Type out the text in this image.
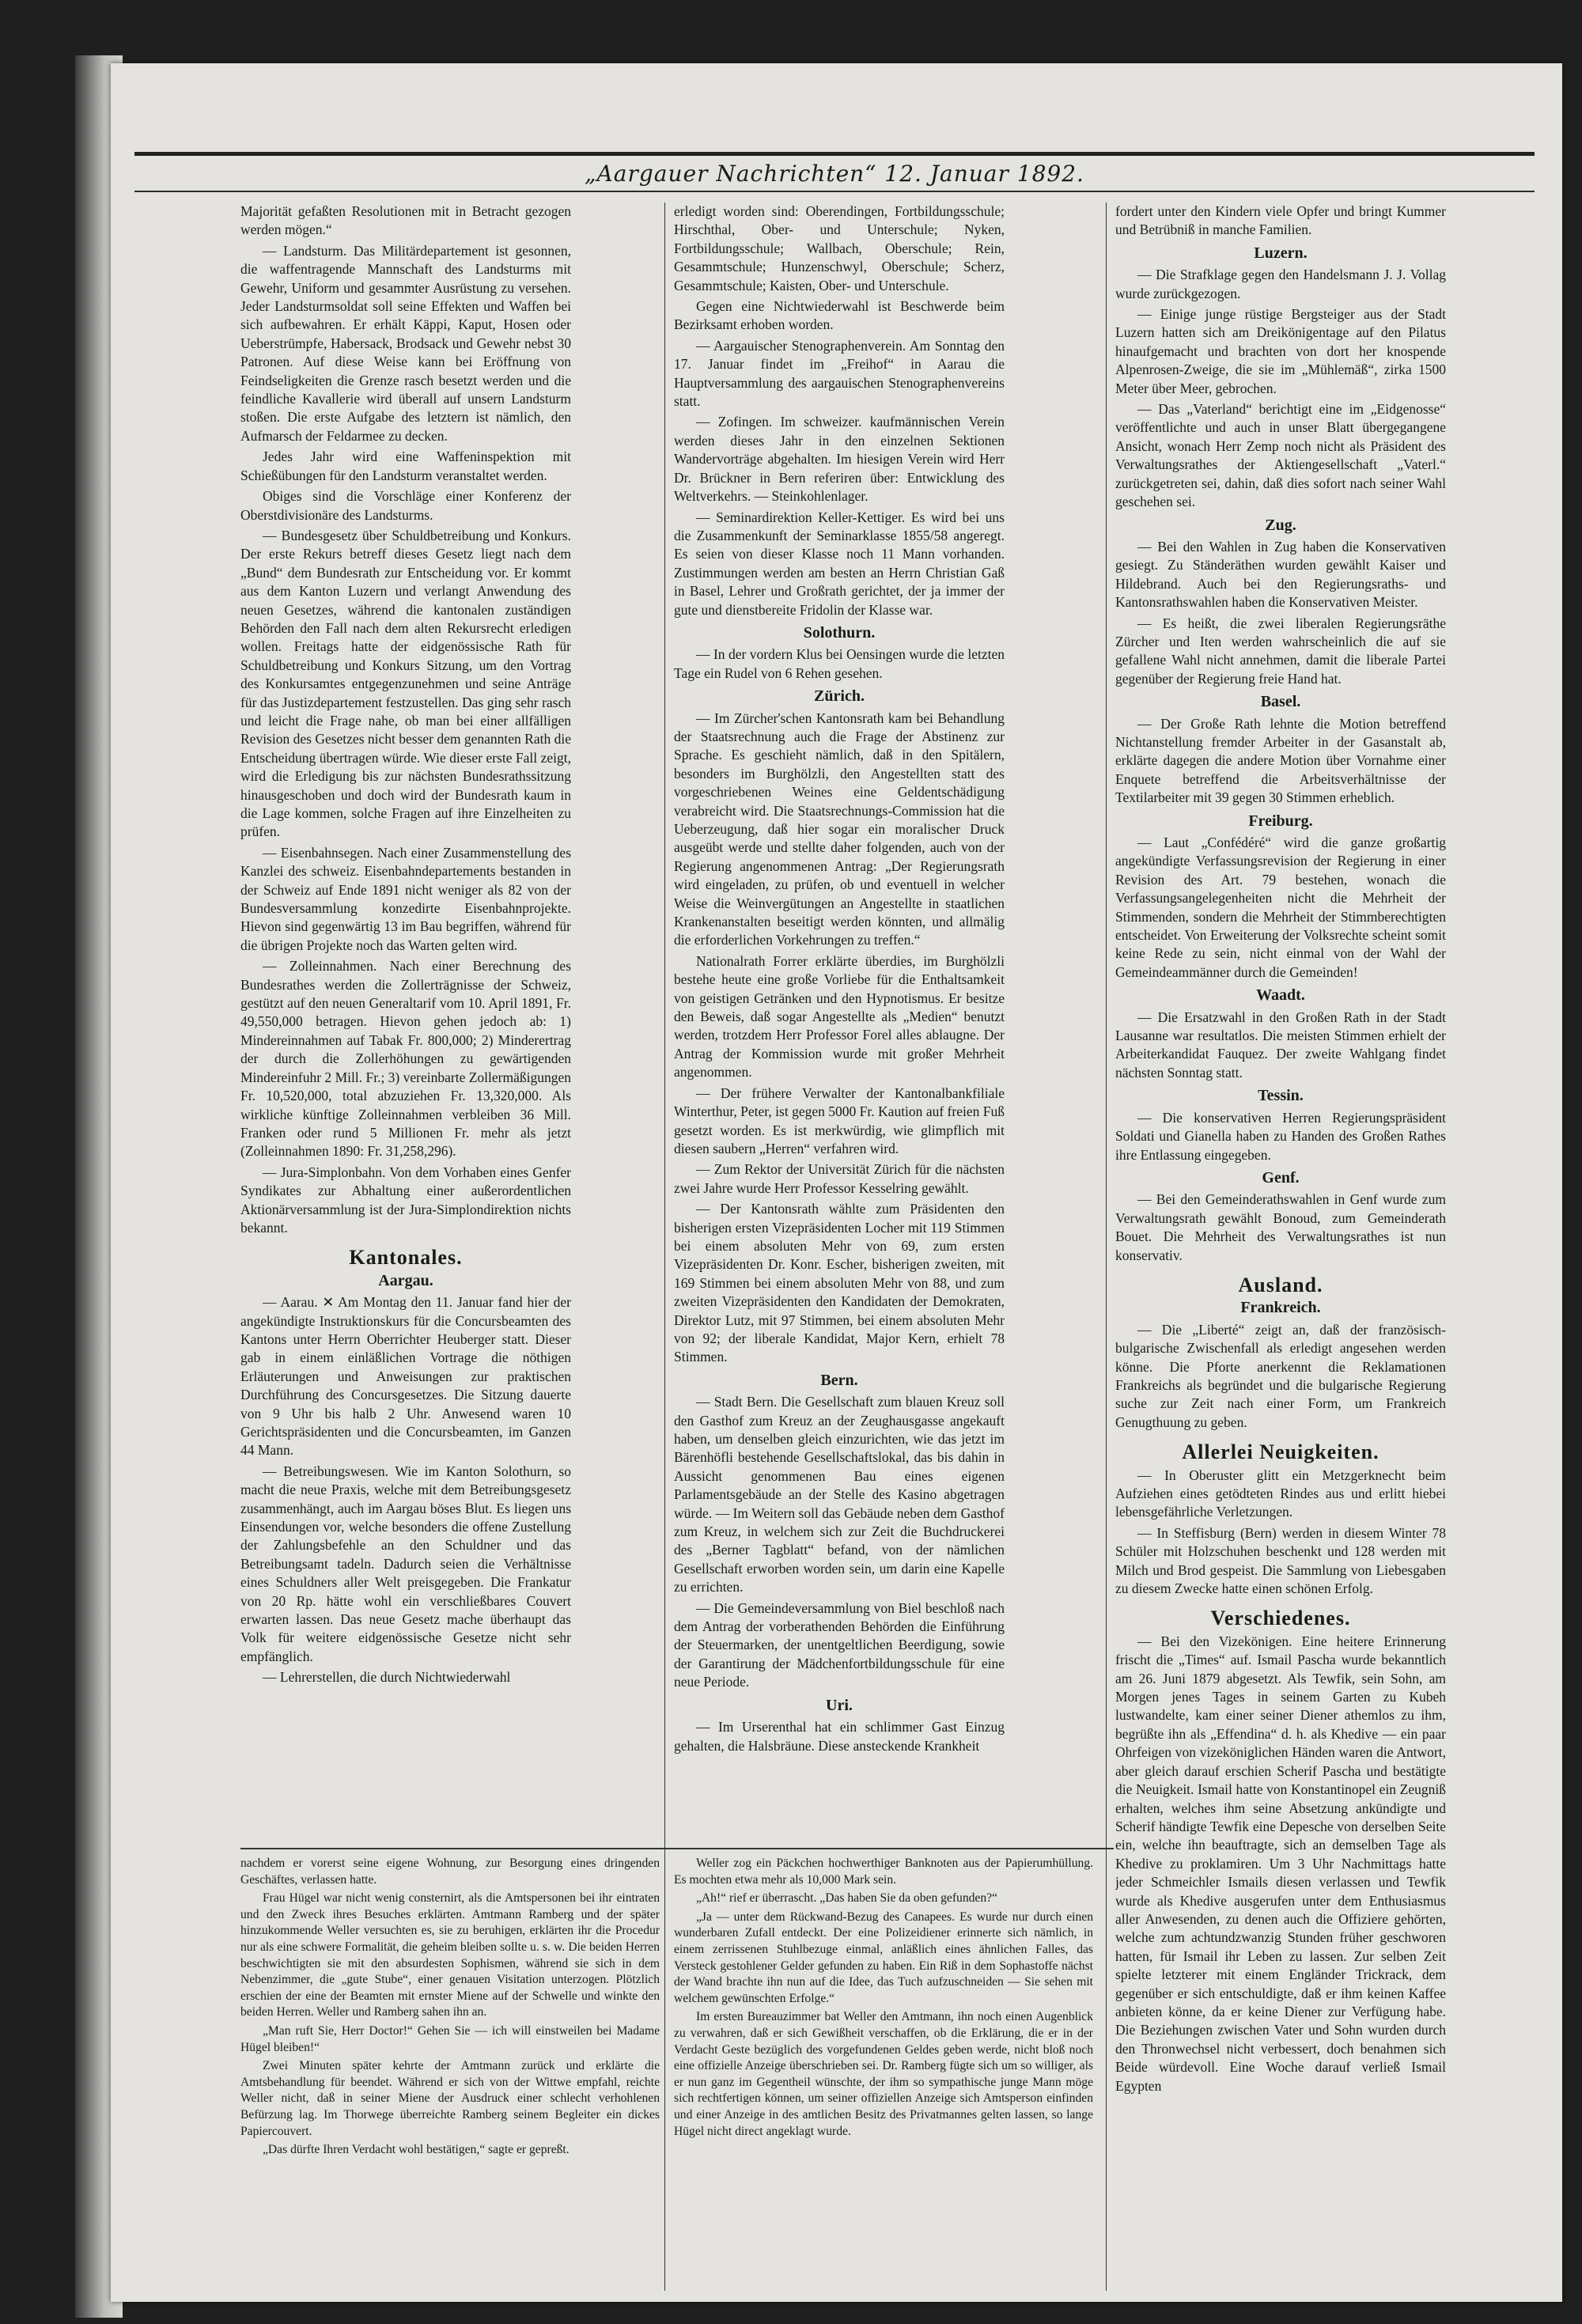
„Aargauer Nachrichten“ 12. Januar 1892.

Majorität gefaßten Resolutionen mit in Betracht gezogen werden mögen.“

— Landsturm. Das Militärdepartement ist gesonnen, die waffentragende Mannschaft des Landsturms mit Gewehr, Uniform und gesammter Ausrüstung zu versehen. Jeder Landsturmsoldat soll seine Effekten und Waffen bei sich aufbewahren. Er erhält Käppi, Kaput, Hosen oder Ueberstrümpfe, Habersack, Brodsack und Gewehr nebst 30 Patronen. Auf diese Weise kann bei Eröffnung von Feindseligkeiten die Grenze rasch besetzt werden und die feindliche Kavallerie wird überall auf unsern Landsturm stoßen. Die erste Aufgabe des letztern ist nämlich, den Aufmarsch der Feldarmee zu decken.

Jedes Jahr wird eine Waffeninspektion mit Schießübungen für den Landsturm veranstaltet werden.

Obiges sind die Vorschläge einer Konferenz der Oberstdivisionäre des Landsturms.

— Bundesgesetz über Schuldbetreibung und Konkurs. Der erste Rekurs betreff dieses Gesetz liegt nach dem „Bund“ dem Bundesrath zur Entscheidung vor. Er kommt aus dem Kanton Luzern und verlangt Anwendung des neuen Gesetzes, während die kantonalen zuständigen Behörden den Fall nach dem alten Rekursrecht erledigen wollen. Freitags hatte der eidgenössische Rath für Schuldbetreibung und Konkurs Sitzung, um den Vortrag des Konkursamtes entgegenzunehmen und seine Anträge für das Justizdepartement festzustellen. Das ging sehr rasch und leicht die Frage nahe, ob man bei einer allfälligen Revision des Gesetzes nicht besser dem genannten Rath die Entscheidung übertragen würde. Wie dieser erste Fall zeigt, wird die Erledigung bis zur nächsten Bundesrathssitzung hinausgeschoben und doch wird der Bundesrath kaum in die Lage kommen, solche Fragen auf ihre Einzelheiten zu prüfen.

— Eisenbahnsegen. Nach einer Zusammenstellung des Kanzlei des schweiz. Eisenbahndepartements bestanden in der Schweiz auf Ende 1891 nicht weniger als 82 von der Bundesversammlung konzedirte Eisenbahnprojekte. Hievon sind gegenwärtig 13 im Bau begriffen, während für die übrigen Projekte noch das Warten gelten wird.

— Zolleinnahmen. Nach einer Berechnung des Bundesrathes werden die Zollerträgnisse der Schweiz, gestützt auf den neuen Generaltarif vom 10. April 1891, Fr. 49,550,000 betragen. Hievon gehen jedoch ab: 1) Mindereinnahmen auf Tabak Fr. 800,000; 2) Minderertrag der durch die Zollerhöhungen zu gewärtigenden Mindereinfuhr 2 Mill. Fr.; 3) vereinbarte Zollermäßigungen Fr. 10,520,000, total abzuziehen Fr. 13,320,000. Als wirkliche künftige Zolleinnahmen verbleiben 36 Mill. Franken oder rund 5 Millionen Fr. mehr als jetzt (Zolleinnahmen 1890: Fr. 31,258,296).

— Jura-Simplonbahn. Von dem Vorhaben eines Genfer Syndikates zur Abhaltung einer außerordentlichen Aktionärversammlung ist der Jura-Simplondirektion nichts bekannt.

Kantonales.
Aargau.

— Aarau. ✕ Am Montag den 11. Januar fand hier der angekündigte Instruktionskurs für die Concursbeamten des Kantons unter Herrn Oberrichter Heuberger statt. Dieser gab in einem einläßlichen Vortrage die nöthigen Erläuterungen und Anweisungen zur praktischen Durchführung des Concursgesetzes. Die Sitzung dauerte von 9 Uhr bis halb 2 Uhr. Anwesend waren 10 Gerichtspräsidenten und die Concursbeamten, im Ganzen 44 Mann.

— Betreibungswesen. Wie im Kanton Solothurn, so macht die neue Praxis, welche mit dem Betreibungsgesetz zusammenhängt, auch im Aargau böses Blut. Es liegen uns Einsendungen vor, welche besonders die offene Zustellung der Zahlungsbefehle an den Schuldner und das Betreibungsamt tadeln. Dadurch seien die Verhältnisse eines Schuldners aller Welt preisgegeben. Die Frankatur von 20 Rp. hätte wohl ein verschließbares Couvert erwarten lassen. Das neue Gesetz mache überhaupt das Volk für weitere eidgenössische Gesetze nicht sehr empfänglich.

— Lehrerstellen, die durch Nichtwiederwahl

erledigt worden sind: Oberendingen, Fortbildungsschule; Hirschthal, Ober- und Unterschule; Nyken, Fortbildungsschule; Wallbach, Oberschule; Rein, Gesammtschule; Hunzenschwyl, Oberschule; Scherz, Gesammtschule; Kaisten, Ober- und Unterschule.

Gegen eine Nichtwiederwahl ist Beschwerde beim Bezirksamt erhoben worden.

— Aargauischer Stenographenverein. Am Sonntag den 17. Januar findet im „Freihof“ in Aarau die Hauptversammlung des aargauischen Stenographenvereins statt.

— Zofingen. Im schweizer. kaufmännischen Verein werden dieses Jahr in den einzelnen Sektionen Wandervorträge abgehalten. Im hiesigen Verein wird Herr Dr. Brückner in Bern referiren über: Entwicklung des Weltverkehrs. — Steinkohlenlager.

— Seminardirektion Keller-Kettiger. Es wird bei uns die Zusammenkunft der Seminarklasse 1855/58 angeregt. Es seien von dieser Klasse noch 11 Mann vorhanden. Zustimmungen werden am besten an Herrn Christian Gaß in Basel, Lehrer und Großrath gerichtet, der ja immer der gute und dienstbereite Fridolin der Klasse war.

Solothurn.

— In der vordern Klus bei Oensingen wurde die letzten Tage ein Rudel von 6 Rehen gesehen.

Zürich.

— Im Zürcher'schen Kantonsrath kam bei Behandlung der Staatsrechnung auch die Frage der Abstinenz zur Sprache. Es geschieht nämlich, daß in den Spitälern, besonders im Burghölzli, den Angestellten statt des vorgeschriebenen Weines eine Geldentschädigung verabreicht wird. Die Staatsrechnungs-Commission hat die Ueberzeugung, daß hier sogar ein moralischer Druck ausgeübt werde und stellte daher folgenden, auch von der Regierung angenommenen Antrag: „Der Regierungsrath wird eingeladen, zu prüfen, ob und eventuell in welcher Weise die Weinvergütungen an Angestellte in staatlichen Krankenanstalten beseitigt werden könnten, und allmälig die erforderlichen Vorkehrungen zu treffen.“

Nationalrath Forrer erklärte überdies, im Burghölzli bestehe heute eine große Vorliebe für die Enthaltsamkeit von geistigen Getränken und den Hypnotismus. Er besitze den Beweis, daß sogar Angestellte als „Medien“ benutzt werden, trotzdem Herr Professor Forel alles ablaugne. Der Antrag der Kommission wurde mit großer Mehrheit angenommen.

— Der frühere Verwalter der Kantonalbankfiliale Winterthur, Peter, ist gegen 5000 Fr. Kaution auf freien Fuß gesetzt worden. Es ist merkwürdig, wie glimpflich mit diesen saubern „Herren“ verfahren wird.

— Zum Rektor der Universität Zürich für die nächsten zwei Jahre wurde Herr Professor Kesselring gewählt.

— Der Kantonsrath wählte zum Präsidenten den bisherigen ersten Vizepräsidenten Locher mit 119 Stimmen bei einem absoluten Mehr von 69, zum ersten Vizepräsidenten Dr. Konr. Escher, bisherigen zweiten, mit 169 Stimmen bei einem absoluten Mehr von 88, und zum zweiten Vizepräsidenten den Kandidaten der Demokraten, Direktor Lutz, mit 97 Stimmen, bei einem absoluten Mehr von 92; der liberale Kandidat, Major Kern, erhielt 78 Stimmen.

Bern.

— Stadt Bern. Die Gesellschaft zum blauen Kreuz soll den Gasthof zum Kreuz an der Zeughausgasse angekauft haben, um denselben gleich einzurichten, wie das jetzt im Bärenhöfli bestehende Gesellschaftslokal, das bis dahin in Aussicht genommenen Bau eines eigenen Parlamentsgebäude an der Stelle des Kasino abgetragen würde. — Im Weitern soll das Gebäude neben dem Gasthof zum Kreuz, in welchem sich zur Zeit die Buchdruckerei des „Berner Tagblatt“ befand, von der nämlichen Gesellschaft erworben worden sein, um darin eine Kapelle zu errichten.

— Die Gemeindeversammlung von Biel beschloß nach dem Antrag der vorberathenden Behörden die Einführung der Steuermarken, der unentgeltlichen Beerdigung, sowie der Garantirung der Mädchenfortbildungsschule für eine neue Periode.

Uri.

— Im Urserenthal hat ein schlimmer Gast Einzug gehalten, die Halsbräune. Diese ansteckende Krankheit

fordert unter den Kindern viele Opfer und bringt Kummer und Betrübniß in manche Familien.

Luzern.

— Die Strafklage gegen den Handelsmann J. J. Vollag wurde zurückgezogen.

— Einige junge rüstige Bergsteiger aus der Stadt Luzern hatten sich am Dreikönigentage auf den Pilatus hinaufgemacht und brachten von dort her knospende Alpenrosen-Zweige, die sie im „Mühlemäß“, zirka 1500 Meter über Meer, gebrochen.

— Das „Vaterland“ berichtigt eine im „Eidgenosse“ veröffentlichte und auch in unser Blatt übergegangene Ansicht, wonach Herr Zemp noch nicht als Präsident des Verwaltungsrathes der Aktiengesellschaft „Vaterl.“ zurückgetreten sei, dahin, daß dies sofort nach seiner Wahl geschehen sei.

Zug.

— Bei den Wahlen in Zug haben die Konservativen gesiegt. Zu Ständeräthen wurden gewählt Kaiser und Hildebrand. Auch bei den Regierungsraths- und Kantonsrathswahlen haben die Konservativen Meister.

— Es heißt, die zwei liberalen Regierungsräthe Zürcher und Iten werden wahrscheinlich die auf sie gefallene Wahl nicht annehmen, damit die liberale Partei gegenüber der Regierung freie Hand hat.

Basel.

— Der Große Rath lehnte die Motion betreffend Nichtanstellung fremder Arbeiter in der Gasanstalt ab, erklärte dagegen die andere Motion über Vornahme einer Enquete betreffend die Arbeitsverhältnisse der Textilarbeiter mit 39 gegen 30 Stimmen erheblich.

Freiburg.

— Laut „Confédéré“ wird die ganze großartig angekündigte Verfassungsrevision der Regierung in einer Revision des Art. 79 bestehen, wonach die Verfassungsangelegenheiten nicht die Mehrheit der Stimmenden, sondern die Mehrheit der Stimmberechtigten entscheidet. Von Erweiterung der Volksrechte scheint somit keine Rede zu sein, nicht einmal von der Wahl der Gemeindeammänner durch die Gemeinden!

Waadt.

— Die Ersatzwahl in den Großen Rath in der Stadt Lausanne war resultatlos. Die meisten Stimmen erhielt der Arbeiterkandidat Fauquez. Der zweite Wahlgang findet nächsten Sonntag statt.

Tessin.

— Die konservativen Herren Regierungspräsident Soldati und Gianella haben zu Handen des Großen Rathes ihre Entlassung eingegeben.

Genf.

— Bei den Gemeinderathswahlen in Genf wurde zum Verwaltungsrath gewählt Bonoud, zum Gemeinderath Bouet. Die Mehrheit des Verwaltungsrathes ist nun konservativ.

Ausland.
Frankreich.

— Die „Liberté“ zeigt an, daß der französisch-bulgarische Zwischenfall als erledigt angesehen werden könne. Die Pforte anerkennt die Reklamationen Frankreichs als begründet und die bulgarische Regierung suche zur Zeit nach einer Form, um Frankreich Genugthuung zu geben.

Allerlei Neuigkeiten.

— In Oberuster glitt ein Metzgerknecht beim Aufziehen eines getödteten Rindes aus und erlitt hiebei lebensgefährliche Verletzungen.

— In Steffisburg (Bern) werden in diesem Winter 78 Schüler mit Holzschuhen beschenkt und 128 werden mit Milch und Brod gespeist. Die Sammlung von Liebesgaben zu diesem Zwecke hatte einen schönen Erfolg.

Verschiedenes.

— Bei den Vizekönigen. Eine heitere Erinnerung frischt die „Times“ auf. Ismail Pascha wurde bekanntlich am 26. Juni 1879 abgesetzt. Als Tewfik, sein Sohn, am Morgen jenes Tages in seinem Garten zu Kubeh lustwandelte, kam einer seiner Diener athemlos zu ihm, begrüßte ihn als „Effendina“ d. h. als Khedive — ein paar Ohrfeigen von vizeköniglichen Händen waren die Antwort, aber gleich darauf erschien Scherif Pascha und bestätigte die Neuigkeit. Ismail hatte von Konstantinopel ein Zeugniß erhalten, welches ihm seine Absetzung ankündigte und Scherif händigte Tewfik eine Depesche von derselben Seite ein, welche ihn beauftragte, sich an demselben Tage als Khedive zu proklamiren. Um 3 Uhr Nachmittags hatte jeder Schmeichler Ismails diesen verlassen und Tewfik wurde als Khedive ausgerufen unter dem Enthusiasmus aller Anwesenden, zu denen auch die Offiziere gehörten, welche zum achtundzwanzig Stunden früher geschworen hatten, für Ismail ihr Leben zu lassen. Zur selben Zeit spielte letzterer mit einem Engländer Trickrack, dem gegenüber er sich entschuldigte, daß er ihm keinen Kaffee anbieten könne, da er keine Diener zur Verfügung habe. Die Beziehungen zwischen Vater und Sohn wurden durch den Thronwechsel nicht verbessert, doch benahmen sich Beide würdevoll. Eine Woche darauf verließ Ismail Egypten

nachdem er vorerst seine eigene Wohnung, zur Besorgung eines dringenden Geschäftes, verlassen hatte.

Frau Hügel war nicht wenig consternirt, als die Amtspersonen bei ihr eintraten und den Zweck ihres Besuches erklärten. Amtmann Ramberg und der später hinzukommende Weller versuchten es, sie zu beruhigen, erklärten ihr die Procedur nur als eine schwere Formalität, die geheim bleiben sollte u. s. w. Die beiden Herren beschwichtigten sie mit den absurdesten Sophismen, während sie sich in dem Nebenzimmer, die „gute Stube“, einer genauen Visitation unterzogen. Plötzlich erschien der eine der Beamten mit ernster Miene auf der Schwelle und winkte den beiden Herren. Weller und Ramberg sahen ihn an.

„Man ruft Sie, Herr Doctor!“ Gehen Sie — ich will einstweilen bei Madame Hügel bleiben!“

Zwei Minuten später kehrte der Amtmann zurück und erklärte die Amtsbehandlung für beendet. Während er sich von der Wittwe empfahl, reichte Weller nicht, daß in seiner Miene der Ausdruck einer schlecht verhohlenen Befürzung lag. Im Thorwege überreichte Ramberg seinem Begleiter ein dickes Papiercouvert.

„Das dürfte Ihren Verdacht wohl bestätigen,“ sagte er gepreßt.

Weller zog ein Päckchen hochwerthiger Banknoten aus der Papierumhüllung. Es mochten etwa mehr als 10,000 Mark sein.

„Ah!“ rief er überrascht. „Das haben Sie da oben gefunden?“

„Ja — unter dem Rückwand-Bezug des Canapees. Es wurde nur durch einen wunderbaren Zufall entdeckt. Der eine Polizeidiener erinnerte sich nämlich, in einem zerrissenen Stuhlbezuge einmal, anläßlich eines ähnlichen Falles, das Versteck gestohlener Gelder gefunden zu haben. Ein Riß in dem Sophastoffe nächst der Wand brachte ihn nun auf die Idee, das Tuch aufzuschneiden — Sie sehen mit welchem gewünschten Erfolge.“

Im ersten Bureauzimmer bat Weller den Amtmann, ihn noch einen Augenblick zu verwahren, daß er sich Gewißheit verschaffen, ob die Erklärung, die er in der Verdacht Geste bezüglich des vorgefundenen Geldes geben werde, nicht bloß noch eine offizielle Anzeige überschrieben sei. Dr. Ramberg fügte sich um so williger, als er nun ganz im Gegentheil wünschte, der ihm so sympathische junge Mann möge sich rechtfertigen können, um seiner offiziellen Anzeige sich Amtsperson einfinden und einer Anzeige in des amtlichen Besitz des Privatmannes gelten lassen, so lange Hügel nicht direct angeklagt wurde.
